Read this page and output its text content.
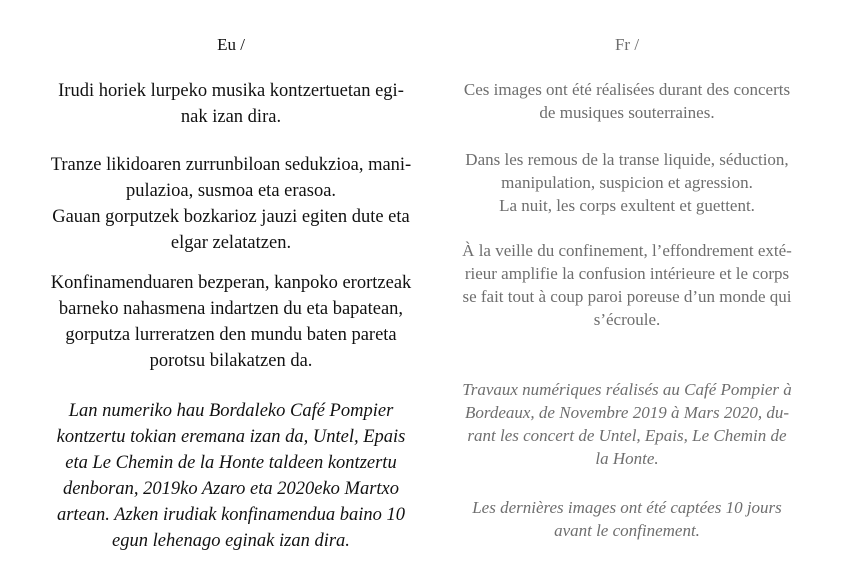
Eu /

Irudi horiek lurpeko musika kontzertuetan egi-
nak izan dira.

Tranze likidoaren zurrunbiloan sedukzioa, mani-
pulazioa, susmoa eta erasoa.
Gauan gorputzek bozkarioz jauzi egiten dute eta
elgar zelatatzen.

Konfinamenduaren bezperan, kanpoko erortzeak
barneko nahasmena indartzen du eta bapatean,
gorputza lurreratzen den mundu baten pareta
porotsu bilakatzen da.

Lan numeriko hau Bordaleko Café Pompier
kontzertu tokian eremana izan da, Untel, Epais
eta Le Chemin de la Honte taldeen kontzertu
denboran, 2019ko Azaro eta 2020eko Martxo
artean. Azken irudiak konfinamendua baino 10
egun lehenago eginak izan dira.

Fr /

Ces images ont été réalisées durant des concerts
de musiques souterraines.

Dans les remous de la transe liquide, séduction,
manipulation, suspicion et agression.
La nuit, les corps exultent et guettent.

À la veille du confinement, l’effondrement exté-
rieur amplifie la confusion intérieure et le corps
se fait tout à coup paroi poreuse d’un monde qui
s’écroule.

Travaux numériques réalisés au Café Pompier à
Bordeaux, de Novembre 2019 à Mars 2020, du-
rant les concert de Untel, Epais, Le Chemin de
la Honte.

Les dernières images ont été captées 10 jours
avant le confinement.
